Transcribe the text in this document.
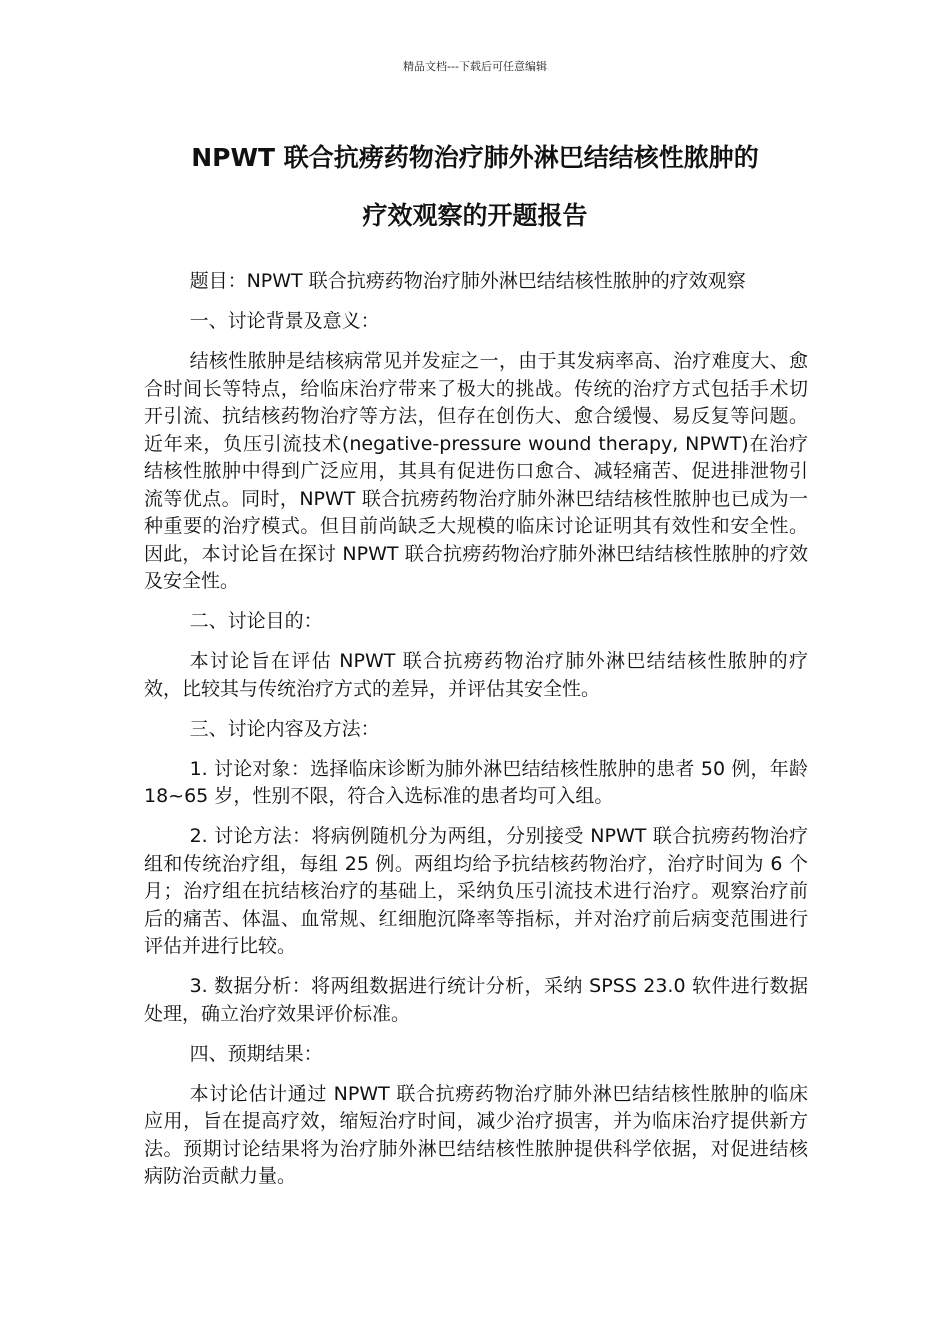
精品文档---下载后可任意编辑
NPWT 联合抗痨药物治疗肺外淋巴结结核性脓肿的
疗效观察的开题报告

题目：NPWT 联合抗痨药物治疗肺外淋巴结结核性脓肿的疗效观察

一、讨论背景及意义：

结核性脓肿是结核病常见并发症之一，由于其发病率高、治疗难度大、愈合时间长等特点，给临床治疗带来了极大的挑战。传统的治疗方式包括手术切开引流、抗结核药物治疗等方法，但存在创伤大、愈合缓慢、易反复等问题。近年来，负压引流技术(negative-pressure wound therapy, NPWT)在治疗结核性脓肿中得到广泛应用，其具有促进伤口愈合、减轻痛苦、促进排泄物引流等优点。同时，NPWT 联合抗痨药物治疗肺外淋巴结结核性脓肿也已成为一种重要的治疗模式。但目前尚缺乏大规模的临床讨论证明其有效性和安全性。因此，本讨论旨在探讨 NPWT 联合抗痨药物治疗肺外淋巴结结核性脓肿的疗效及安全性。

二、讨论目的：

本讨论旨在评估 NPWT 联合抗痨药物治疗肺外淋巴结结核性脓肿的疗效，比较其与传统治疗方式的差异，并评估其安全性。

三、讨论内容及方法：

1. 讨论对象：选择临床诊断为肺外淋巴结结核性脓肿的患者 50 例，年龄 18~65 岁，性别不限，符合入选标准的患者均可入组。

2. 讨论方法：将病例随机分为两组，分别接受 NPWT 联合抗痨药物治疗组和传统治疗组，每组 25 例。两组均给予抗结核药物治疗，治疗时间为 6 个月；治疗组在抗结核治疗的基础上，采纳负压引流技术进行治疗。观察治疗前后的痛苦、体温、血常规、红细胞沉降率等指标，并对治疗前后病变范围进行评估并进行比较。

3. 数据分析：将两组数据进行统计分析，采纳 SPSS 23.0 软件进行数据处理，确立治疗效果评价标准。

四、预期结果：

本讨论估计通过 NPWT 联合抗痨药物治疗肺外淋巴结结核性脓肿的临床应用，旨在提高疗效，缩短治疗时间，减少治疗损害，并为临床治疗提供新方法。预期讨论结果将为治疗肺外淋巴结结核性脓肿提供科学依据，对促进结核病防治贡献力量。
